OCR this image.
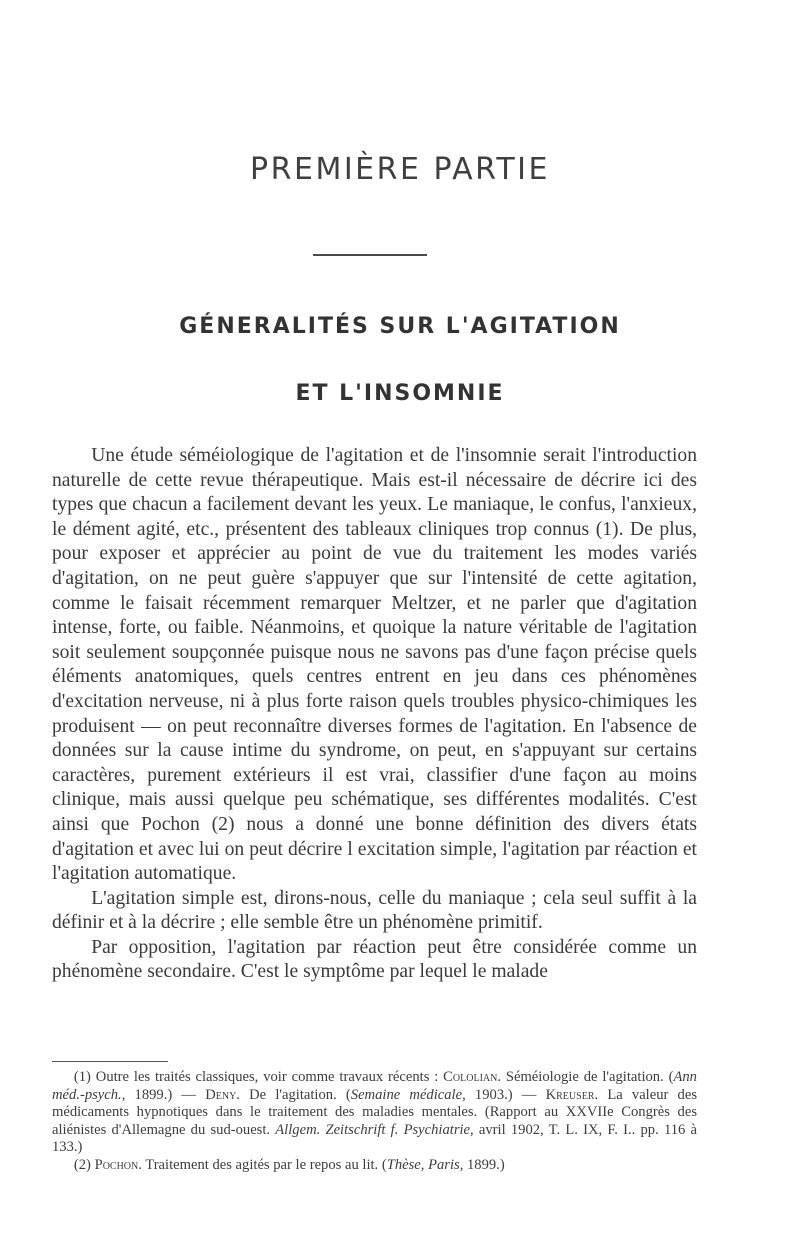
PREMIÈRE PARTIE
GÉNERALITÉS SUR L'AGITATION
ET L'INSOMNIE

Une étude séméiologique de l'agitation et de l'insomnie serait l'introduction naturelle de cette revue thérapeutique. Mais est-il nécessaire de décrire ici des types que chacun a facilement devant les yeux. Le maniaque, le confus, l'anxieux, le dément agité, etc., présentent des tableaux cliniques trop connus (1). De plus, pour exposer et apprécier au point de vue du traitement les modes variés d'agitation, on ne peut guère s'appuyer que sur l'intensité de cette agitation, comme le faisait récemment remarquer Meltzer, et ne parler que d'agitation intense, forte, ou faible. Néanmoins, et quoique la nature véritable de l'agitation soit seulement soupçonnée puisque nous ne savons pas d'une façon précise quels éléments anatomiques, quels centres entrent en jeu dans ces phénomènes d'excitation nerveuse, ni à plus forte raison quels troubles physico-chimiques les produisent — on peut reconnaître diverses formes de l'agitation. En l'absence de données sur la cause intime du syndrome, on peut, en s'appuyant sur certains caractères, purement extérieurs il est vrai, classifier d'une façon au moins clinique, mais aussi quelque peu schématique, ses différentes modalités. C'est ainsi que Pochon (2) nous a donné une bonne définition des divers états d'agitation et avec lui on peut décrire l excitation simple, l'agitation par réaction et l'agitation automatique.

L'agitation simple est, dirons-nous, celle du maniaque ; cela seul suffit à la définir et à la décrire ; elle semble être un phénomène primitif.

Par opposition, l'agitation par réaction peut être considérée comme un phénomène secondaire. C'est le symptôme par lequel le malade

(1) Outre les traités classiques, voir comme travaux récents : Cololian. Séméiologie de l'agitation. (Ann méd.-psych., 1899.) — Deny. De l'agitation. (Semaine médicale, 1903.) — Kreuser. La valeur des médicaments hypnotiques dans le traitement des maladies mentales. (Rapport au XXVIIe Congrès des aliénistes d'Allemagne du sud-ouest. Allgem. Zeitschrift f. Psychiatrie, avril 1902, T. L. IX, F. I.. pp. 116 à 133.)

(2) Pochon. Traitement des agités par le repos au lit. (Thèse, Paris, 1899.)
